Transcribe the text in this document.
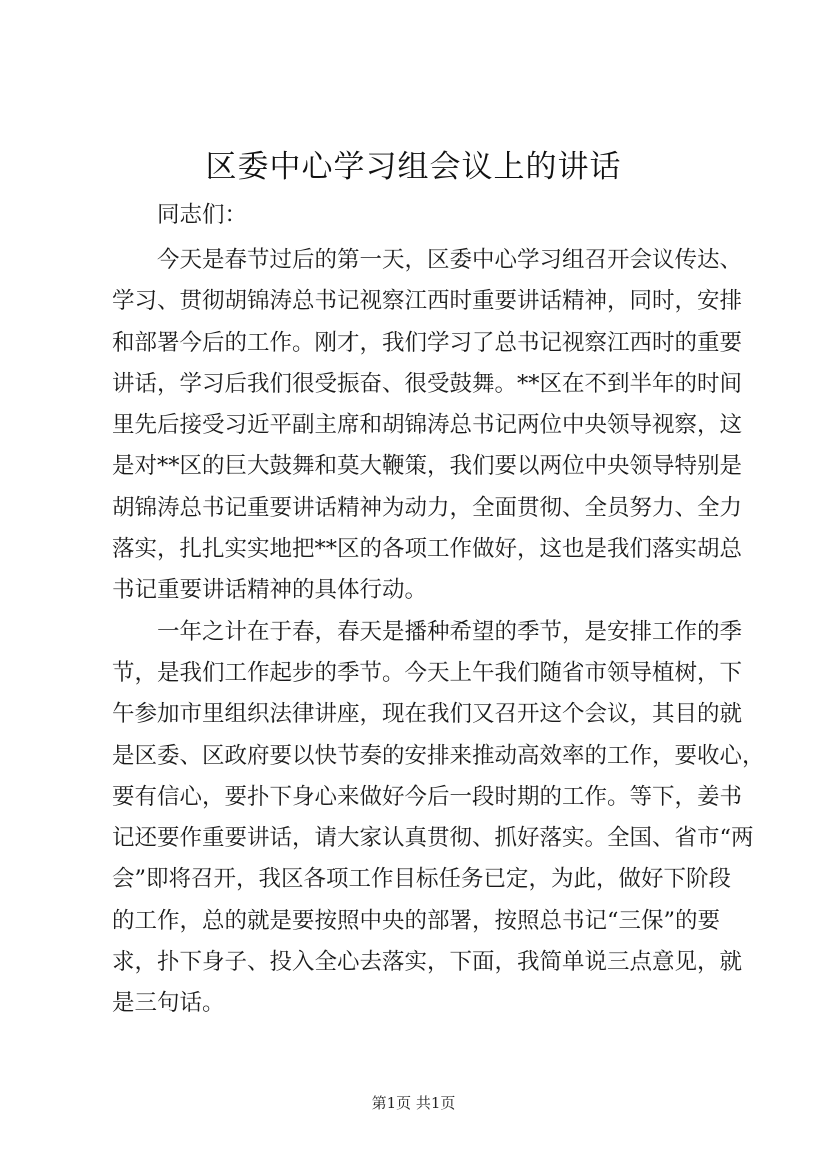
区委中心学习组会议上的讲话

同志们：

今天是春节过后的第一天，区委中心学习组召开会议传达、
学习、贯彻胡锦涛总书记视察江西时重要讲话精神，同时，安排
和部署今后的工作。刚才，我们学习了总书记视察江西时的重要
讲话，学习后我们很受振奋、很受鼓舞。**区在不到半年的时间
里先后接受习近平副主席和胡锦涛总书记两位中央领导视察，这
是对**区的巨大鼓舞和莫大鞭策，我们要以两位中央领导特别是
胡锦涛总书记重要讲话精神为动力，全面贯彻、全员努力、全力
落实，扎扎实实地把**区的各项工作做好，这也是我们落实胡总
书记重要讲话精神的具体行动。
一年之计在于春，春天是播种希望的季节，是安排工作的季
节，是我们工作起步的季节。今天上午我们随省市领导植树，下
午参加市里组织法律讲座，现在我们又召开这个会议，其目的就
是区委、区政府要以快节奏的安排来推动高效率的工作，要收心，
要有信心，要扑下身心来做好今后一段时期的工作。等下，姜书
记还要作重要讲话，请大家认真贯彻、抓好落实。全国、省市“两
会”即将召开，我区各项工作目标任务已定，为此，做好下阶段
的工作，总的就是要按照中央的部署，按照总书记“三保”的要
求，扑下身子、投入全心去落实，下面，我简单说三点意见，就
是三句话。
第1页 共1页
